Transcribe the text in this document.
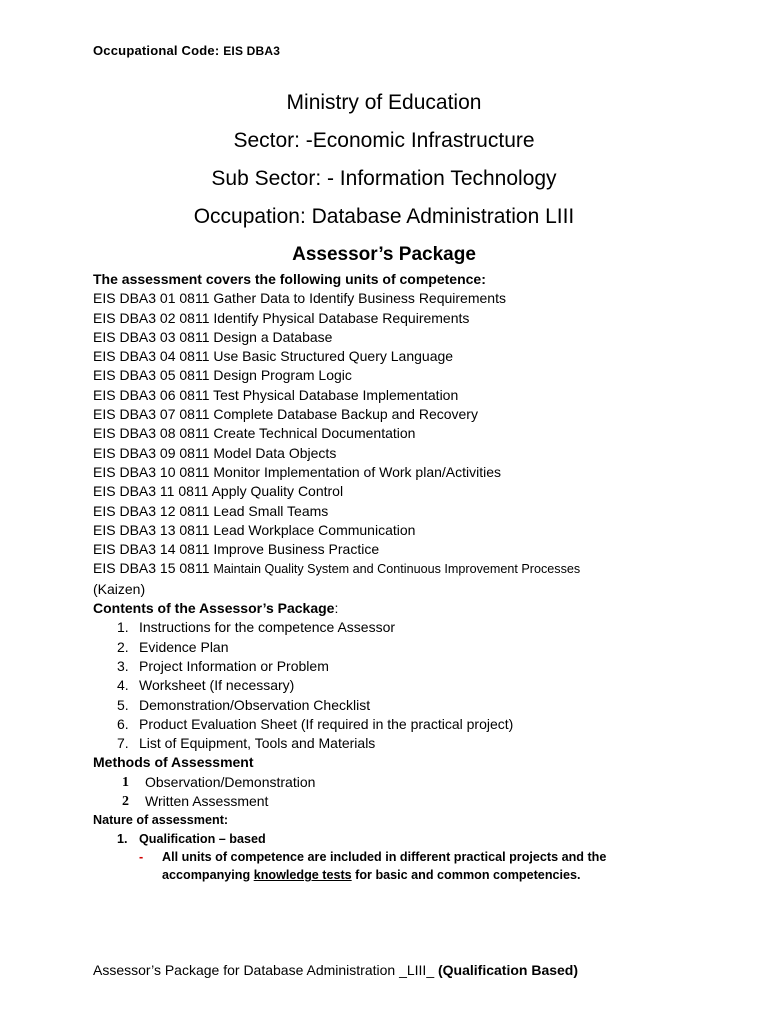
Occupational Code: EIS DBA3
Ministry of Education
Sector: -Economic Infrastructure
Sub Sector: - Information Technology
Occupation: Database Administration LIII
Assessor’s Package
The assessment covers the following units of competence:
EIS DBA3 01 0811 Gather Data to Identify Business Requirements
EIS DBA3 02 0811 Identify Physical Database Requirements
EIS DBA3 03 0811 Design a Database
EIS DBA3 04 0811 Use Basic Structured Query Language
EIS DBA3 05 0811 Design Program Logic
EIS DBA3 06 0811 Test Physical Database Implementation
EIS DBA3 07 0811 Complete Database Backup and Recovery
EIS DBA3 08 0811 Create Technical Documentation
EIS DBA3 09 0811 Model Data Objects
EIS DBA3 10 0811 Monitor Implementation of Work plan/Activities
EIS DBA3 11 0811 Apply Quality Control
EIS DBA3 12 0811 Lead Small Teams
EIS DBA3 13 0811 Lead Workplace Communication
EIS DBA3 14 0811 Improve Business Practice
EIS DBA3 15 0811 Maintain Quality System and Continuous Improvement Processes
(Kaizen)
Contents of the Assessor’s Package:
1. Instructions for the competence Assessor
2. Evidence Plan
3. Project Information or Problem
4. Worksheet (If necessary)
5. Demonstration/Observation Checklist
6. Product Evaluation Sheet (If required in the practical project)
7. List of Equipment, Tools and Materials
Methods of Assessment
1 Observation/Demonstration
2 Written Assessment
Nature of assessment:
1. Qualification – based
- All units of competence are included in different practical projects and the accompanying knowledge tests for basic and common competencies.
Assessor’s Package for Database Administration _LIII_ (Qualification Based)
